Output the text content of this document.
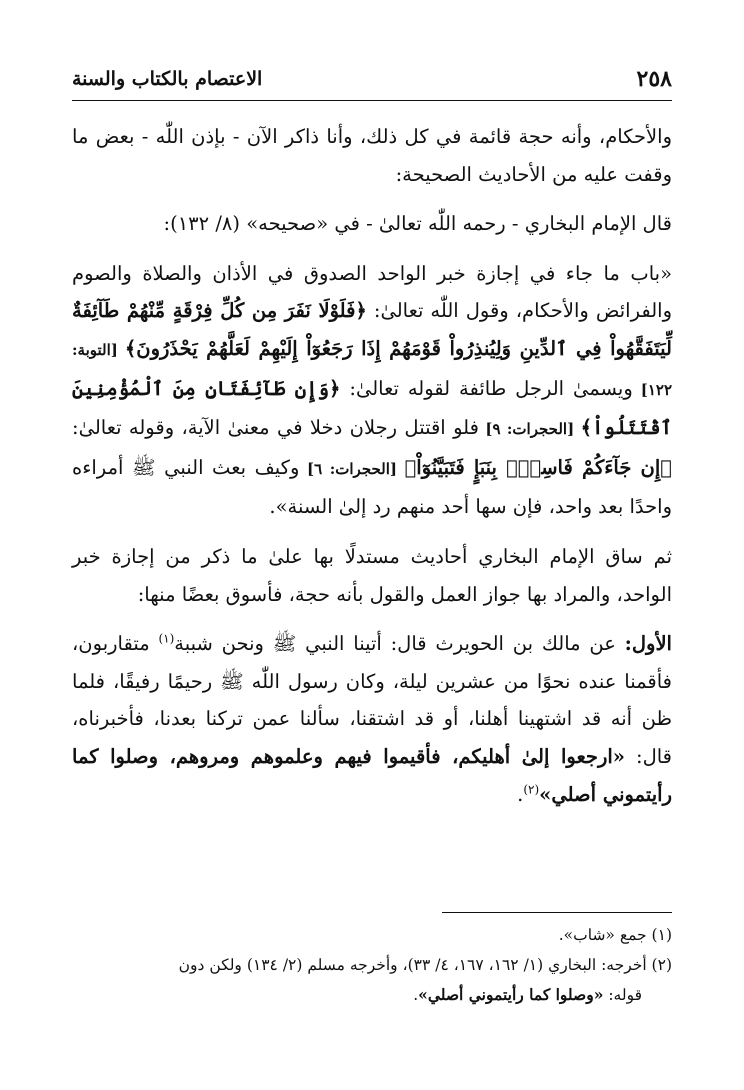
٢٥٨
الاعتصام بالكتاب والسنة

والأحكام، وأنه حجة قائمة في كل ذلك، وأنا ذاكر الآن - بإذن اللّٰه - بعض ما وقفت عليه من الأحاديث الصحيحة:

قال الإمام البخاري - رحمه اللّٰه تعالىٰ - في «صحيحه» (٨/ ١٣٢):

«باب ما جاء في إجازة خبر الواحد الصدوق في الأذان والصلاة والصوم والفرائض والأحكام، وقول اللّٰه تعالىٰ: ﴿فَلَوْلَا نَفَرَ مِن كُلِّ فِرْقَةٍ مِّنْهُمْ طَآئِفَةٌ لِّيَتَفَقَّهُواْ فِي ٱلدِّينِ وَلِيُنذِرُواْ قَوْمَهُمْ إِذَا رَجَعُوٓاْ إِلَيْهِمْ لَعَلَّهُمْ يَحْذَرُونَ﴾ [التوبة: ١٢٢] ويسمىٰ الرجل طائفة لقوله تعالىٰ: ﴿وَإِن طَآئِفَتَانِ مِنَ ٱلْمُؤْمِنِينَ ٱقْتَتَلُواْ﴾ [الحجرات: ٩] فلو اقتتل رجلان دخلا في معنىٰ الآية، وقوله تعالىٰ: ﴿إِن جَآءَكُمْ فَاسِقُۢ بِنَبَإٍ فَتَبَيَّنُوٓاْ﴾ [الحجرات: ٦] وكيف بعث النبي ﷺ أمراءه واحدًا بعد واحد، فإن سها أحد منهم رد إلىٰ السنة».

ثم ساق الإمام البخاري أحاديث مستدلًا بها علىٰ ما ذكر من إجازة خبر الواحد، والمراد بها جواز العمل والقول بأنه حجة، فأسوق بعضًا منها:

الأول: عن مالك بن الحويرث قال: أتينا النبي ﷺ ونحن شببة$^{(١)}$ متقاربون، فأقمنا عنده نحوًا من عشرين ليلة، وكان رسول اللّٰه ﷺ رحيمًا رفيقًا، فلما ظن أنه قد اشتهينا أهلنا، أو قد اشتقنا، سألنا عمن تركنا بعدنا، فأخبرناه، قال: «ارجعوا إلىٰ أهليكم، فأقيموا فيهم وعلموهم ومروهم، وصلوا كما رأيتموني أصلي»$^{(٢)}$.

(١) جمع «شاب».

(٢) أخرجه: البخاري (١/ ١٦٢، ١٦٧، ٤/ ٣٣)، وأخرجه مسلم (٢/ ١٣٤) ولكن دون

قوله: «وصلوا كما رأيتموني أصلي».
